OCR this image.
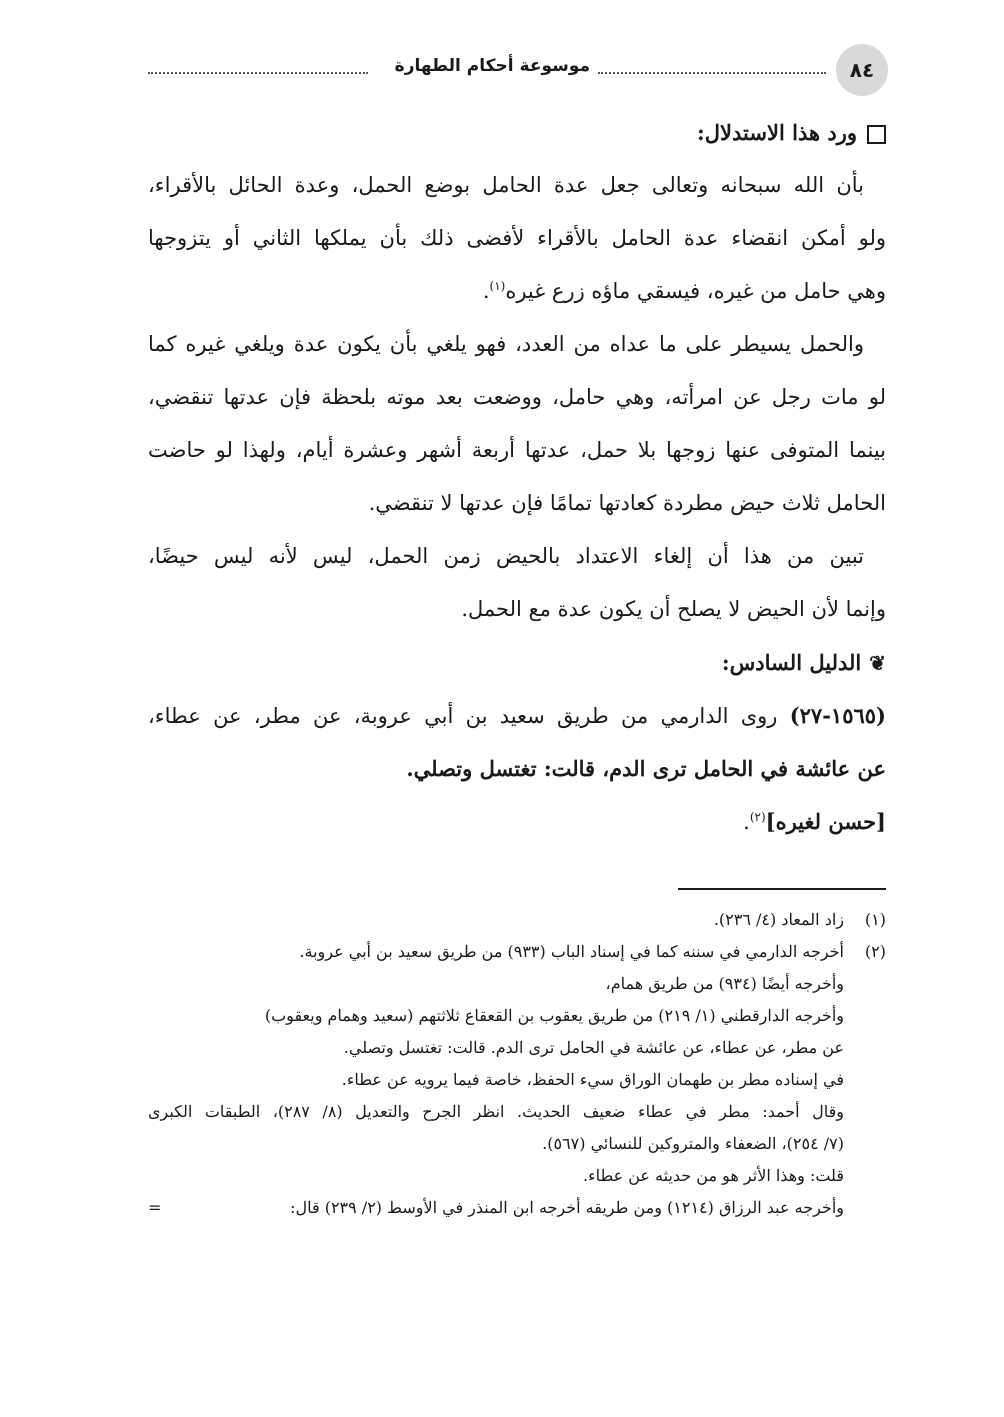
٨٤
موسوعة أحكام الطهارة
ورد هذا الاستدلال:
بأن الله سبحانه وتعالى جعل عدة الحامل بوضع الحمل، وعدة الحائل بالأقراء،
ولو أمكن انقضاء عدة الحامل بالأقراء لأفضى ذلك بأن يملكها الثاني أو يتزوجها
وهي حامل من غيره، فيسقي ماؤه زرع غيره$^{(١)}$.
والحمل يسيطر على ما عداه من العدد، فهو يلغي بأن يكون عدة ويلغي غيره كما
لو مات رجل عن امرأته، وهي حامل، ووضعت بعد موته بلحظة فإن عدتها تنقضي،
بينما المتوفى عنها زوجها بلا حمل، عدتها أربعة أشهر وعشرة أيام، ولهذا لو حاضت
الحامل ثلاث حيض مطردة كعادتها تمامًا فإن عدتها لا تنقضي.
تبين من هذا أن إلغاء الاعتداد بالحيض زمن الحمل، ليس لأنه ليس حيضًا،
وإنما لأن الحيض لا يصلح أن يكون عدة مع الحمل.
❦الدليل السادس:
(١٥٦٥-٢٧) روى الدارمي من طريق سعيد بن أبي عروبة، عن مطر، عن عطاء،
عن عائشة في الحامل ترى الدم، قالت: تغتسل وتصلي.
[حسن لغيره]$^{(٢)}$.
(١)زاد المعاد (٤/ ٢٣٦).
(٢)أخرجه الدارمي في سننه كما في إسناد الباب (٩٣٣) من طريق سعيد بن أبي عروبة.
وأخرجه أيضًا (٩٣٤) من طريق همام،
وأخرجه الدارقطني (١/ ٢١٩) من طريق يعقوب بن القعقاع ثلاثتهم (سعيد وهمام ويعقوب)
عن مطر، عن عطاء، عن عائشة في الحامل ترى الدم. قالت: تغتسل وتصلي.
في إسناده مطر بن طهمان الوراق سيء الحفظ، خاصة فيما يرويه عن عطاء.
وقال أحمد: مطر في عطاء ضعيف الحديث. انظر الجرح والتعديل (٨/ ٢٨٧)، الطبقات الكبرى
(٧/ ٢٥٤)، الضعفاء والمتروكين للنسائي (٥٦٧).
قلت: وهذا الأثر هو من حديثه عن عطاء.
وأخرجه عبد الرزاق (١٢١٤) ومن طريقه أخرجه ابن المنذر في الأوسط (٢/ ٢٣٩) قال:
=
